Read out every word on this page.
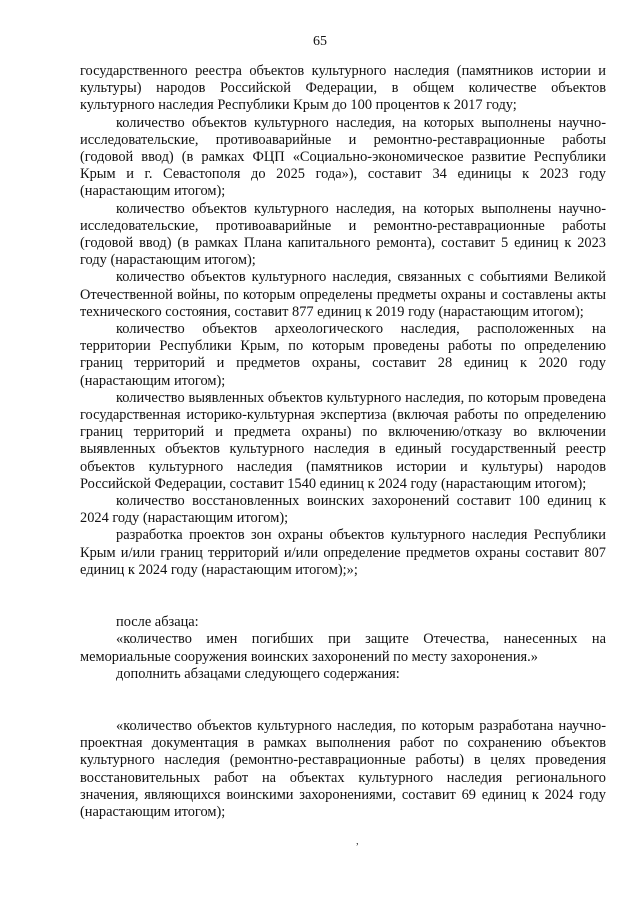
65

государственного реестра объектов культурного наследия (памятников истории и культуры) народов Российской Федерации, в общем количестве объектов культурного наследия Республики Крым до 100 процентов к 2017 году;

количество объектов культурного наследия, на которых выполнены научно-исследовательские, противоаварийные и ремонтно-реставрационные работы (годовой ввод) (в рамках ФЦП «Социально-экономическое развитие Республики Крым и г. Севастополя до 2025 года»), составит 34 единицы к 2023 году (нарастающим итогом);

количество объектов культурного наследия, на которых выполнены научно-исследовательские, противоаварийные и ремонтно-реставрационные работы (годовой ввод) (в рамках Плана капитального ремонта), составит 5 единиц к 2023 году (нарастающим итогом);

количество объектов культурного наследия, связанных с событиями Великой Отечественной войны, по которым определены предметы охраны и составлены акты технического состояния, составит 877 единиц к 2019 году (нарастающим итогом);

количество объектов археологического наследия, расположенных на территории Республики Крым, по которым проведены работы по определению границ территорий и предметов охраны, составит 28 единиц к 2020 году (нарастающим итогом);

количество выявленных объектов культурного наследия, по которым проведена государственная историко-культурная экспертиза (включая работы по определению границ территорий и предмета охраны) по включению/отказу во включении выявленных объектов культурного наследия в единый государственный реестр объектов культурного наследия (памятников истории и культуры) народов Российской Федерации, составит 1540 единиц к 2024 году (нарастающим итогом);

количество восстановленных воинских захоронений составит 100 единиц к 2024 году (нарастающим итогом);

разработка проектов зон охраны объектов культурного наследия Республики Крым и/или границ территорий и/или определение предметов охраны составит 807 единиц к 2024 году (нарастающим итогом);»;

после абзаца:

«количество имен погибших при защите Отечества, нанесенных на мемориальные сооружения воинских захоронений по месту захоронения.»

дополнить абзацами следующего содержания:

«количество объектов культурного наследия, по которым разработана научно-проектная документация в рамках выполнения работ по сохранению объектов культурного наследия (ремонтно-реставрационные работы) в целях проведения восстановительных работ на объектах культурного наследия регионального значения, являющихся воинскими захоронениями, составит 69 единиц к 2024 году (нарастающим итогом);

,
